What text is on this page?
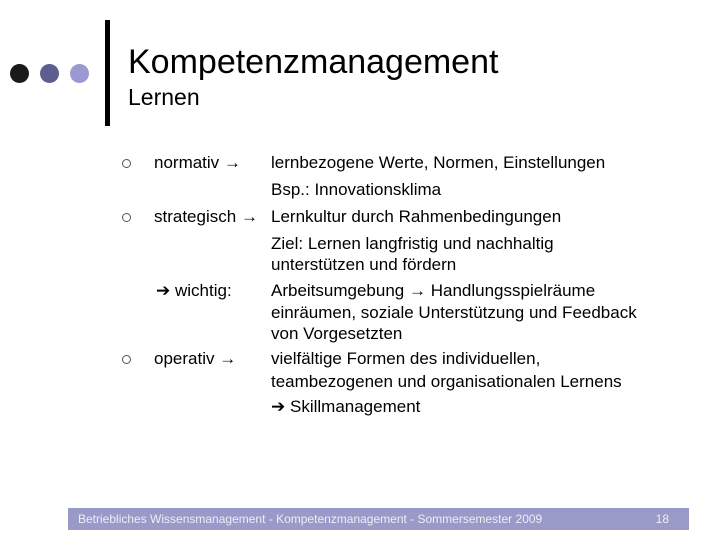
Kompetenzmanagement
Lernen
normativ → lernbezogene Werte, Normen, Einstellungen
Bsp.: Innovationsklima
strategisch → Lernkultur durch Rahmenbedingungen
Ziel: Lernen langfristig und nachhaltig
unterstützen und fördern
➔ wichtig: Arbeitsumgebung → Handlungsspielräume
einräumen, soziale Unterstützung und Feedback
von Vorgesetzten
operativ → vielfältige Formen des individuellen,
teambezogenen und organisationalen Lernens
➔ Skillmanagement
Betriebliches Wissensmanagement - Kompetenzmanagement - Sommersemester 2009	18
